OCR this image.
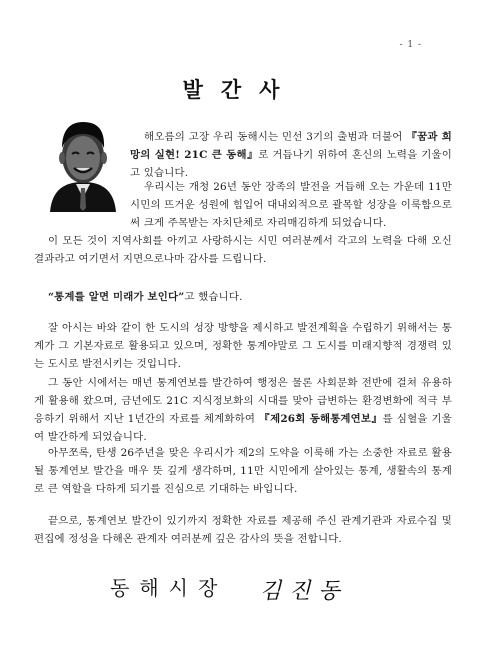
- 1 -
발간사
해오름의 고장 우리 동해시는 민선 3기의 출범과 더불어 『꿈과 희망의 실현! 21C 큰 동해』로 거듭나기 위하여 혼신의 노력을 기울이고 있습니다.
우리시는 개청 26년 동안 장족의 발전을 거듭해 오는 가운데 11만 시민의 뜨거운 성원에 힘입어 대내외적으로 괄목할 성장을 이룩함으로써 크게 주목받는 자치단체로 자리매김하게 되었습니다.
이 모든 것이 지역사회를 아끼고 사랑하시는 시민 여러분께서 각고의 노력을 다해 오신 결과라고 여기면서 지면으로나마 감사를 드립니다.
“통계를 알면 미래가 보인다”고 했습니다.
잘 아시는 바와 같이 한 도시의 성장 방향을 제시하고 발전계획을 수립하기 위해서는 통계가 그 기본자료로 활용되고 있으며, 정확한 통계야말로 그 도시를 미래지향적 경쟁력 있는 도시로 발전시키는 것입니다.
그 동안 시에서는 매년 통계연보를 발간하여 행정은 물론 사회문화 전반에 걸쳐 유용하게 활용해 왔으며, 금년에도 21C 지식정보화의 시대를 맞아 급변하는 환경변화에 적극 부응하기 위해서 지난 1년간의 자료를 체계화하여 『제26회 동해통계연보』를 심혈을 기울여 발간하게 되었습니다.
아무쪼록, 탄생 26주년을 맞은 우리시가 제2의 도약을 이룩해 가는 소중한 자료로 활용될 통계연보 발간을 매우 뜻 깊게 생각하며, 11만 시민에게 살아있는 통계, 생활속의 통계로 큰 역할을 다하게 되기를 진심으로 기대하는 바입니다.
끝으로, 통계연보 발간이 있기까지 정확한 자료를 제공해 주신 관계기관과 자료수집 및 편집에 정성을 다해온 관계자 여러분께 깊은 감사의 뜻을 전합니다.
동해시장 김진동
